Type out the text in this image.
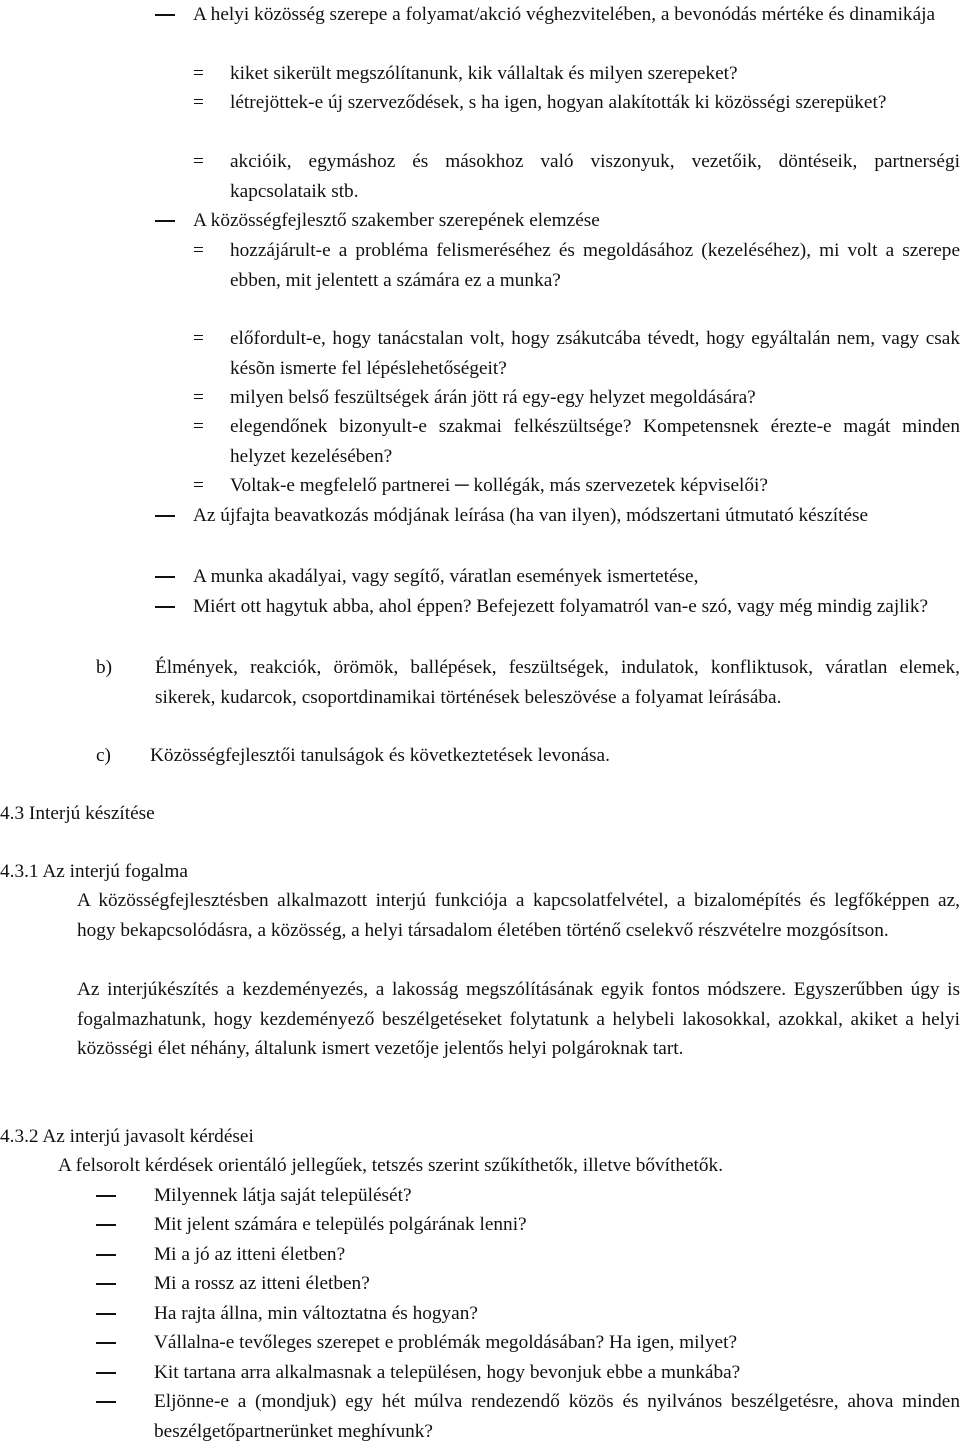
A helyi közösség szerepe a folyamat/akció véghezvitelében, a bevonódás mértéke és dinamikája

= kiket sikerült megszólítanunk, kik vállaltak és milyen szerepeket?

= létrejöttek-e új szerveződések, s ha igen, hogyan alakították ki közösségi szerepüket?

= akcióik, egymáshoz és másokhoz való viszonyuk, vezetőik, döntéseik, partnerségi kapcsolataik stb.

A közösségfejlesztő szakember szerepének elemzése

= hozzájárult-e a probléma felismeréséhez és megoldásához (kezeléséhez), mi volt a szerepe ebben, mit jelentett a számára ez a munka?

= előfordult-e, hogy tanácstalan volt, hogy zsákutcába tévedt, hogy egyáltalán nem, vagy csak késõn ismerte fel lépéslehetőségeit?

= milyen belső feszültségek árán jött rá egy-egy helyzet megoldására?

= elegendőnek bizonyult-e szakmai felkészültsége? Kompetensnek érezte-e magát minden helyzet kezelésében?

= Voltak-e megfelelő partnerei ─ kollégák, más szervezetek képviselői?

Az újfajta beavatkozás módjának leírása (ha van ilyen), módszertani útmutató készítése

A munka akadályai, vagy segítő, váratlan események ismertetése,

Miért ott hagytuk abba, ahol éppen? Befejezett folyamatról van-e szó, vagy még mindig zajlik?

b) Élmények, reakciók, örömök, ballépések, feszültségek, indulatok, konfliktusok, váratlan elemek, sikerek, kudarcok, csoportdinamikai történések beleszövése a folyamat leírásába.

c) Közösségfejlesztői tanulságok és következtetések levonása.

4.3 Interjú készítése
4.3.1 Az interjú fogalma

A közösségfejlesztésben alkalmazott interjú funkciója a kapcsolatfelvétel, a bizalomépítés és legfőképpen az, hogy bekapcsolódásra, a közösség, a helyi társadalom életében történő cselekvő részvételre mozgósítson.

Az interjúkészítés a kezdeményezés, a lakosság megszólításának egyik fontos módszere. Egyszerűbben úgy is fogalmazhatunk, hogy kezdeményező beszélgetéseket folytatunk a helybeli lakosokkal, azokkal, akiket a helyi közösségi élet néhány, általunk ismert vezetője jelentős helyi polgároknak tart.

4.3.2 Az interjú javasolt kérdései

A felsorolt kérdések orientáló jellegűek, tetszés szerint szűkíthetők, illetve bővíthetők.

Milyennek látja saját települését?

Mit jelent számára e település polgárának lenni?

Mi a jó az itteni életben?

Mi a rossz az itteni életben?

Ha rajta állna, min változtatna és hogyan?

Vállalna-e tevőleges szerepet e problémák megoldásában? Ha igen, milyet?

Kit tartana arra alkalmasnak a településen, hogy bevonjuk ebbe a munkába?

Eljönne-e a (mondjuk) egy hét múlva rendezendő közös és nyilvános beszélgetésre, ahova minden beszélgetőpartnerünket meghívunk?
